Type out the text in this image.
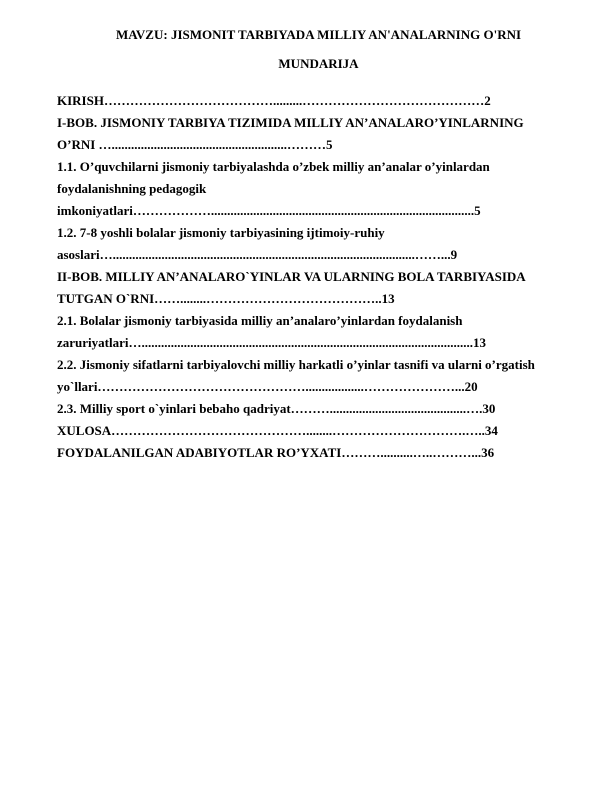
MAVZU: JISMONIT TARBIYADA MILLIY AN'ANALARNING O'RNI
MUNDARIJA
KIRISH………………………………….........……………………………………2
I-BOB. JISMONIY TARBIYA TIZIMIDA MILLIY AN’ANALARO’YINLARNING
O’RNI …......................................................………5
1.1. O’quvchilarni jismoniy tarbiyalashda o’zbek milliy an’analar o’yinlardan
foydalanishning pedagogik
imkoniyatlari……………….................................................................................5
1.2. 7-8 yoshli bolalar jismoniy tarbiyasining ijtimoiy-ruhiy
asoslari….............................................................................................……...9
II-BOB. MILLIY AN’ANALARO`YINLAR VA ULARNING BOLA TARBIYASIDA
TUTGAN O`RNI……........…………………………………..13
2.1. Bolalar jismoniy tarbiyasida milliy an’analaro’yinlardan foydalanish
zaruriyatlari…......................................................................................................13
2.2. Jismoniy sifatlarni tarbiyalovchi milliy harkatli o’yinlar tasnifi va ularni o’rgatish
yo`llari…………………………………………..................…………………...20
2.3. Milliy sport o`yinlari bebaho qadriyat………..........................................….30
XULOSA………………………………………........………………………….…..34
FOYDALANILGAN ADABIYOTLAR RO’YXATI………..........…..………...36
